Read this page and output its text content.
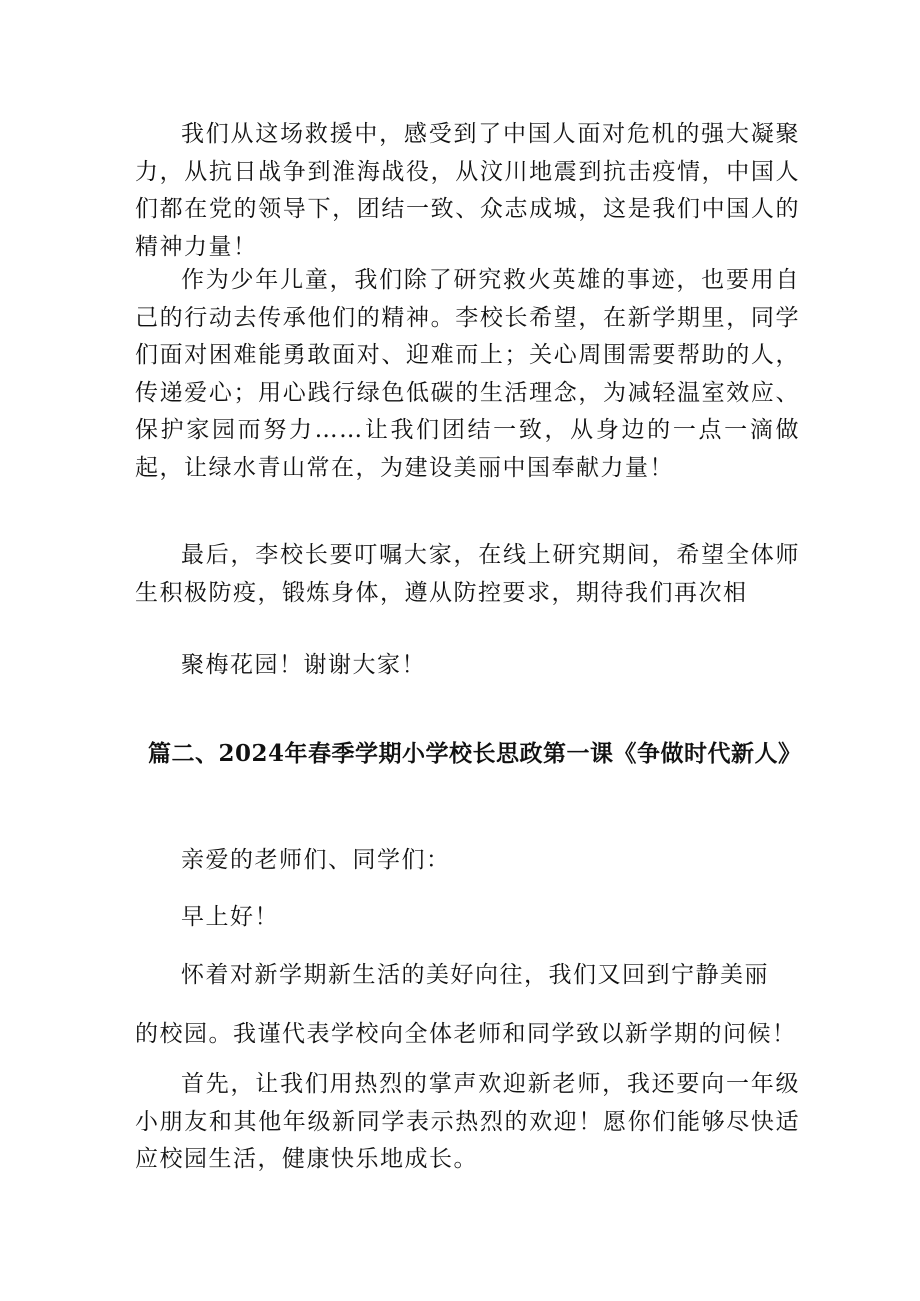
我们从这场救援中，感受到了中国人面对危机的强大凝聚力，从抗日战争到淮海战役，从汶川地震到抗击疫情，中国人们都在党的领导下，团结一致、众志成城，这是我们中国人的精神力量！

作为少年儿童，我们除了研究救火英雄的事迹，也要用自己的行动去传承他们的精神。李校长希望，在新学期里，同学们面对困难能勇敢面对、迎难而上；关心周围需要帮助的人，传递爱心；用心践行绿色低碳的生活理念，为减轻温室效应、保护家园而努力……让我们团结一致，从身边的一点一滴做起，让绿水青山常在，为建设美丽中国奉献力量！

最后，李校长要叮嘱大家，在线上研究期间，希望全体师生积极防疫，锻炼身体，遵从防控要求，期待我们再次相

聚梅花园！谢谢大家！

篇二、2024年春季学期小学校长思政第一课《争做时代新人》

亲爱的老师们、同学们：

早上好！

怀着对新学期新生活的美好向往，我们又回到宁静美丽

的校园。我谨代表学校向全体老师和同学致以新学期的问候！

首先，让我们用热烈的掌声欢迎新老师，我还要向一年级小朋友和其他年级新同学表示热烈的欢迎！愿你们能够尽快适应校园生活，健康快乐地成长。
